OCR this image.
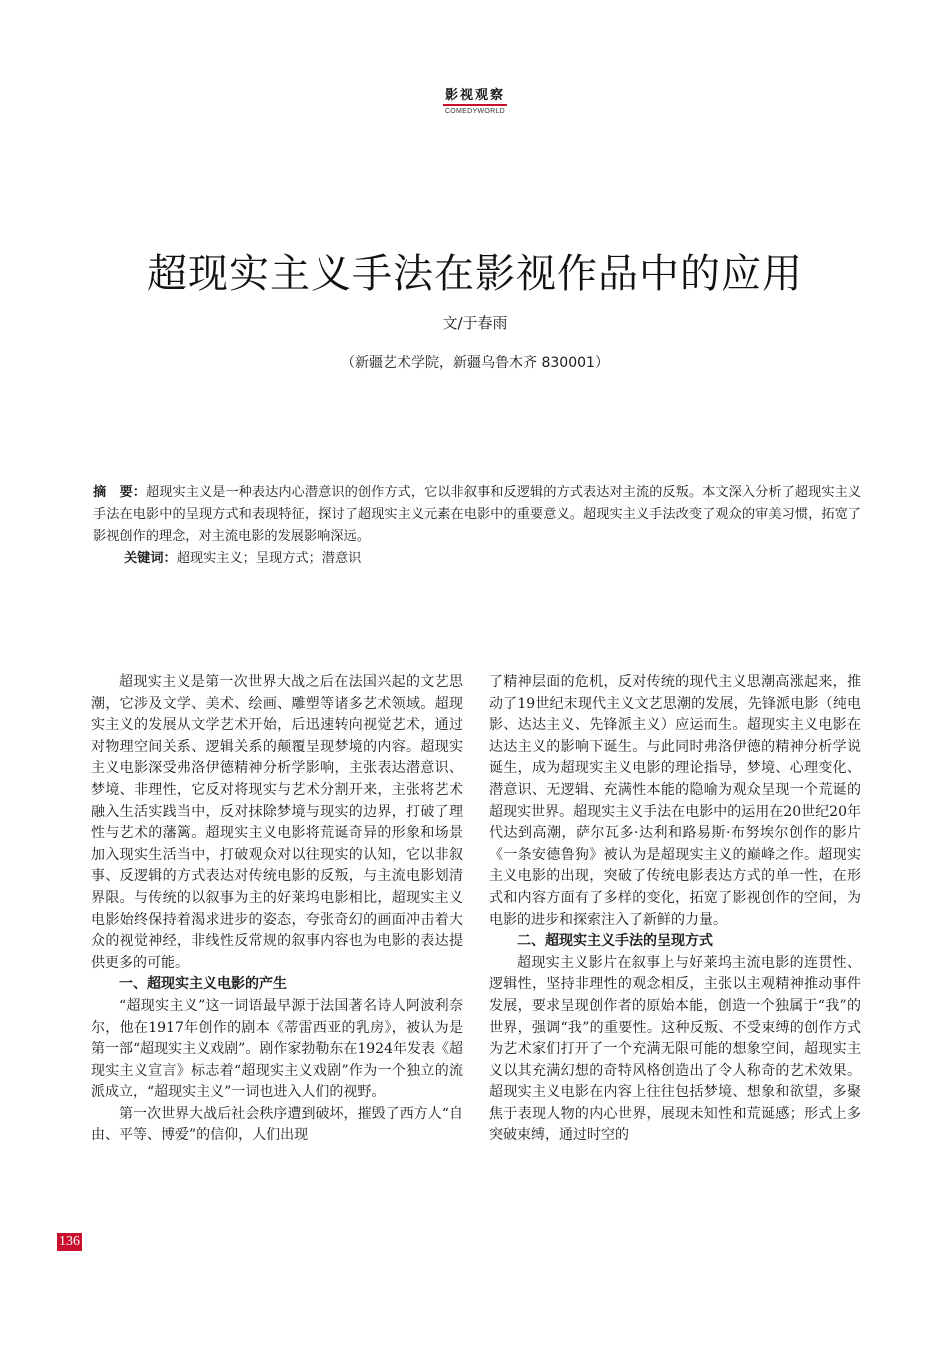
影视观察
COMEDYWORLD
超现实主义手法在影视作品中的应用
文/于春雨
（新疆艺术学院，新疆乌鲁木齐 830001）

摘　要：超现实主义是一种表达内心潜意识的创作方式，它以非叙事和反逻辑的方式表达对主流的反叛。本文深入分析了超现实主义手法在电影中的呈现方式和表现特征，探讨了超现实主义元素在电影中的重要意义。超现实主义手法改变了观众的审美习惯，拓宽了影视创作的理念，对主流电影的发展影响深远。

关键词：超现实主义；呈现方式；潜意识

超现实主义是第一次世界大战之后在法国兴起的文艺思潮，它涉及文学、美术、绘画、雕塑等诸多艺术领域。超现实主义的发展从文学艺术开始，后迅速转向视觉艺术，通过对物理空间关系、逻辑关系的颠覆呈现梦境的内容。超现实主义电影深受弗洛伊德精神分析学影响，主张表达潜意识、梦境、非理性，它反对将现实与艺术分割开来，主张将艺术融入生活实践当中，反对抹除梦境与现实的边界，打破了理性与艺术的藩篱。超现实主义电影将荒诞奇异的形象和场景加入现实生活当中，打破观众对以往现实的认知，它以非叙事、反逻辑的方式表达对传统电影的反叛，与主流电影划清界限。与传统的以叙事为主的好莱坞电影相比，超现实主义电影始终保持着渴求进步的姿态，夸张奇幻的画面冲击着大众的视觉神经，非线性反常规的叙事内容也为电影的表达提供更多的可能。

一、超现实主义电影的产生

“超现实主义”这一词语最早源于法国著名诗人阿波利奈尔，他在1917年创作的剧本《蒂雷西亚的乳房》，被认为是第一部“超现实主义戏剧”。剧作家勃勒东在1924年发表《超现实主义宣言》标志着“超现实主义戏剧”作为一个独立的流派成立，“超现实主义”一词也进入人们的视野。

第一次世界大战后社会秩序遭到破坏，摧毁了西方人“自由、平等、博爱”的信仰，人们出现

了精神层面的危机，反对传统的现代主义思潮高涨起来，推动了19世纪末现代主义文艺思潮的发展，先锋派电影（纯电影、达达主义、先锋派主义）应运而生。超现实主义电影在达达主义的影响下诞生。与此同时弗洛伊德的精神分析学说诞生，成为超现实主义电影的理论指导，梦境、心理变化、潜意识、无逻辑、充满性本能的隐喻为观众呈现一个荒诞的超现实世界。超现实主义手法在电影中的运用在20世纪20年代达到高潮，萨尔瓦多·达利和路易斯·布努埃尔创作的影片《一条安德鲁狗》被认为是超现实主义的巅峰之作。超现实主义电影的出现，突破了传统电影表达方式的单一性，在形式和内容方面有了多样的变化，拓宽了影视创作的空间，为电影的进步和探索注入了新鲜的力量。

二、超现实主义手法的呈现方式

超现实主义影片在叙事上与好莱坞主流电影的连贯性、逻辑性，坚持非理性的观念相反，主张以主观精神推动事件发展，要求呈现创作者的原始本能，创造一个独属于“我”的世界，强调“我”的重要性。这种反叛、不受束缚的创作方式为艺术家们打开了一个充满无限可能的想象空间，超现实主义以其充满幻想的奇特风格创造出了令人称奇的艺术效果。超现实主义电影在内容上往往包括梦境、想象和欲望，多聚焦于表现人物的内心世界，展现未知性和荒诞感；形式上多突破束缚，通过时空的

136
